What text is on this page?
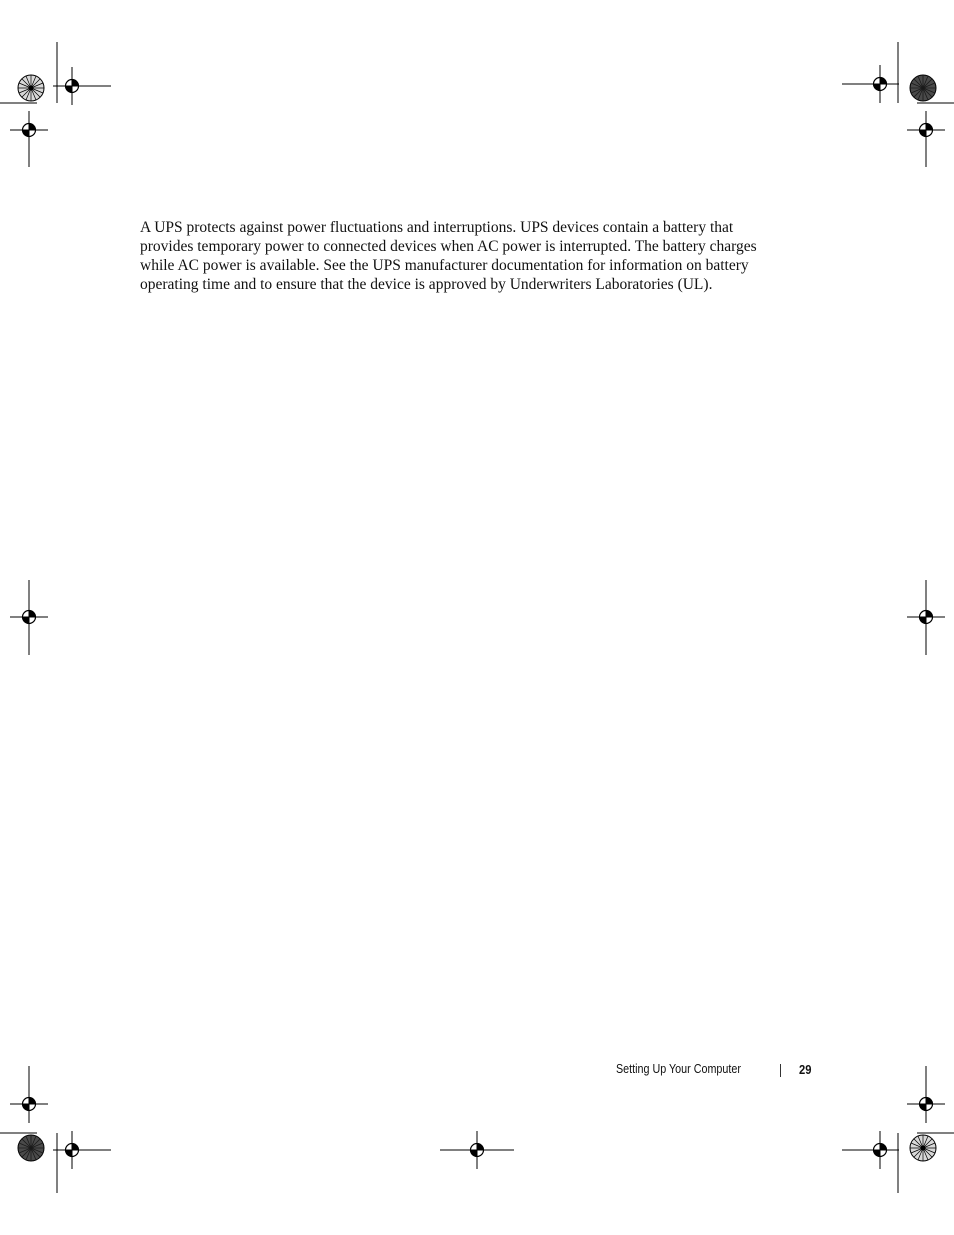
A UPS protects against power fluctuations and interruptions. UPS devices contain a battery that provides temporary power to connected devices when AC power is interrupted. The battery charges while AC power is available. See the UPS manufacturer documentation for information on battery operating time and to ensure that the device is approved by Underwriters Laboratories (UL).

Setting Up Your Computer	29
